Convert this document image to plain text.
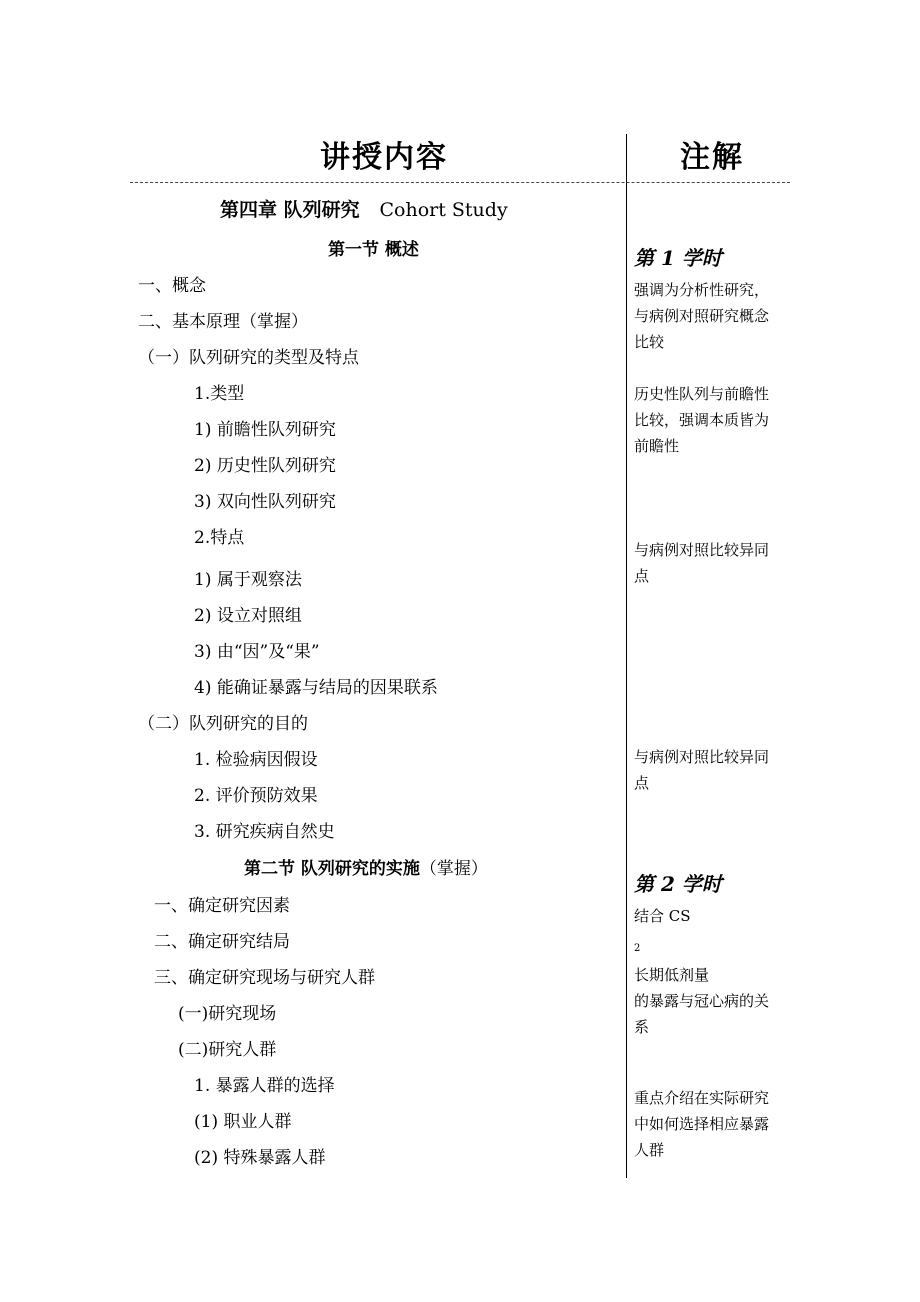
讲授内容	注解
第四章 队列研究 Cohort Study
第一节 概述
一、概念
二、基本原理（掌握）
（一）队列研究的类型及特点
1.类型
1) 前瞻性队列研究
2) 历史性队列研究
3) 双向性队列研究
2.特点
1) 属于观察法
2) 设立对照组
3) 由“因”及“果”
4) 能确证暴露与结局的因果联系
（二）队列研究的目的
1. 检验病因假设
2. 评价预防效果
3. 研究疾病自然史
第二节 队列研究的实施（掌握）
一、确定研究因素
二、确定研究结局
三、确定研究现场与研究人群
(一)研究现场
(二)研究人群
1. 暴露人群的选择
(1) 职业人群
(2) 特殊暴露人群
第 1 学时
强调为分析性研究，
与病例对照研究概念
比较
历史性队列与前瞻性
比较，强调本质皆为
前瞻性
与病例对照比较异同
点
与病例对照比较异同
点
第 2 学时
结合 CS
$_2$
长期低剂量
的暴露与冠心病的关
系
重点介绍在实际研究
中如何选择相应暴露
人群
